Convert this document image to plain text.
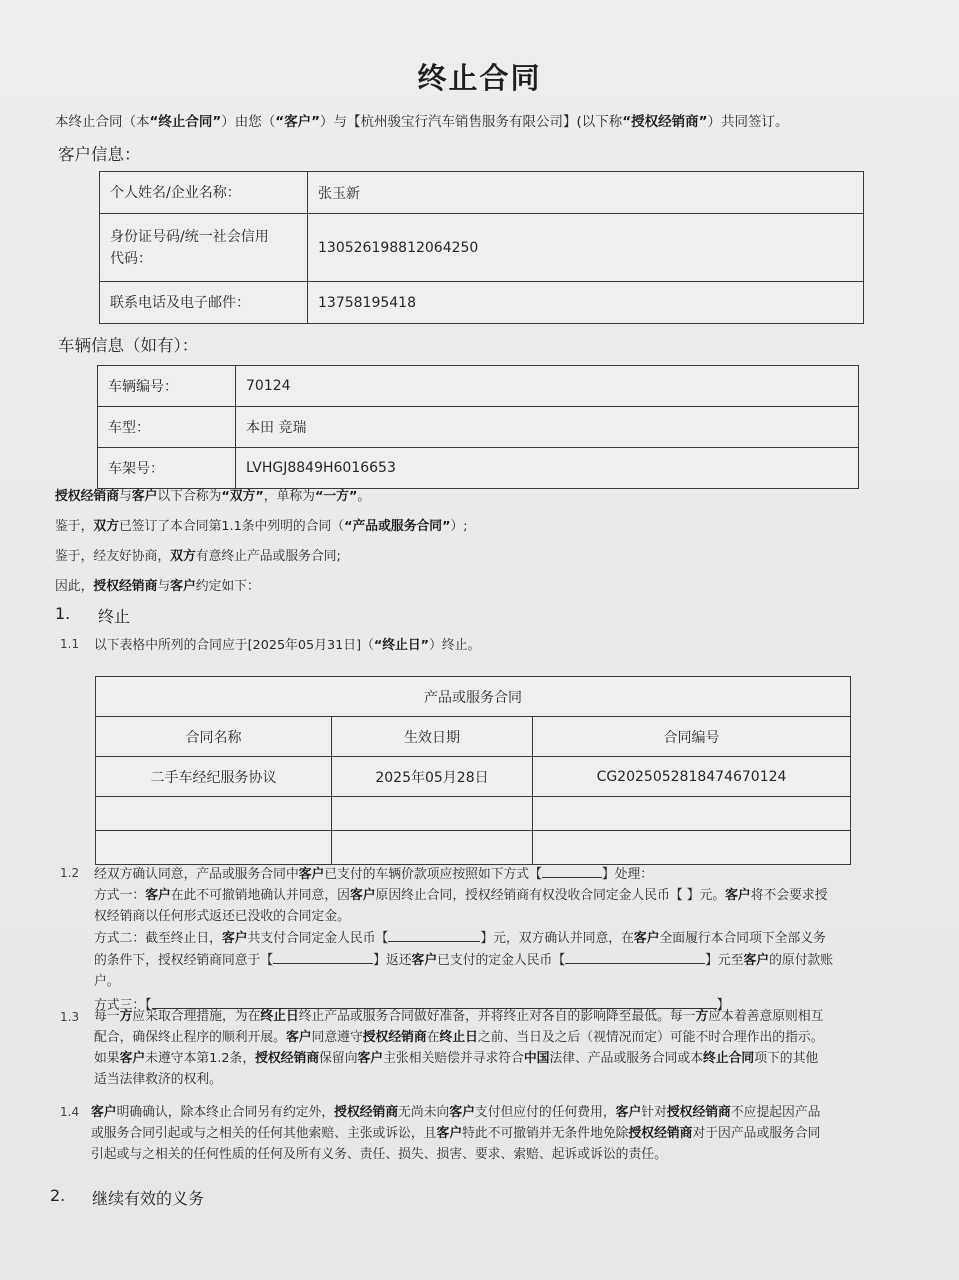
终止合同
本终止合同（本“终止合同”）由您（“客户”）与【杭州骏宝行汽车销售服务有限公司】(以下称“授权经销商”）共同签订。
客户信息：
个人姓名/企业名称：	张玉新
身份证号码/统一社会信用
代码：	130526198812064250
联系电话及电子邮件：	13758195418
车辆信息（如有）：
车辆编号：	70124
车型：	本田 竞瑞
车架号：	LVHGJ8849H6016653
授权经销商与客户以下合称为“双方”，单称为“一方”。
鉴于，双方已签订了本合同第1.1条中列明的合同（“产品或服务合同”）;
鉴于，经友好协商，双方有意终止产品或服务合同;
因此，授权经销商与客户约定如下：
1. 终止
1.1 以下表格中所列的合同应于[2025年05月31日]（“终止日”）终止。
产品或服务合同		
合同名称	生效日期	合同编号
二手车经纪服务协议	2025年05月28日	CG2025052818474670124

1.2 经双方确认同意，产品或服务合同中客户已支付的车辆价款项应按照如下方式【	】处理：
方式一：客户在此不可撤销地确认并同意，因客户原因终止合同，授权经销商有权没收合同定金人民币【 】元。客户将不会要求授
权经销商以任何形式返还已没收的合同定金。
方式二：截至终止日，客户共支付合同定金人民币【	】元，双方确认并同意，在客户全面履行本合同项下全部义务
的条件下，授权经销商同意于【	】返还客户已支付的定金人民币【	】元至客户的原付款账
户。
方式三：【	】
1.3 每一方应采取合理措施，为在终止日终止产品或服务合同做好准备，并将终止对各自的影响降至最低。每一方应本着善意原则相互
配合，确保终止程序的顺利开展。客户同意遵守授权经销商在终止日之前、当日及之后（视情况而定）可能不时合理作出的指示。
如果客户未遵守本第1.2条，授权经销商保留向客户主张相关赔偿并寻求符合中国法律、产品或服务合同或本终止合同项下的其他
适当法律救济的权利。
1.4 客户明确确认，除本终止合同另有约定外，授权经销商无尚未向客户支付但应付的任何费用，客户针对授权经销商不应提起因产品
或服务合同引起或与之相关的任何其他索赔、主张或诉讼，且客户特此不可撤销并无条件地免除授权经销商对于因产品或服务合同
引起或与之相关的任何性质的任何及所有义务、责任、损失、损害、要求、索赔、起诉或诉讼的责任。
2. 继续有效的义务
